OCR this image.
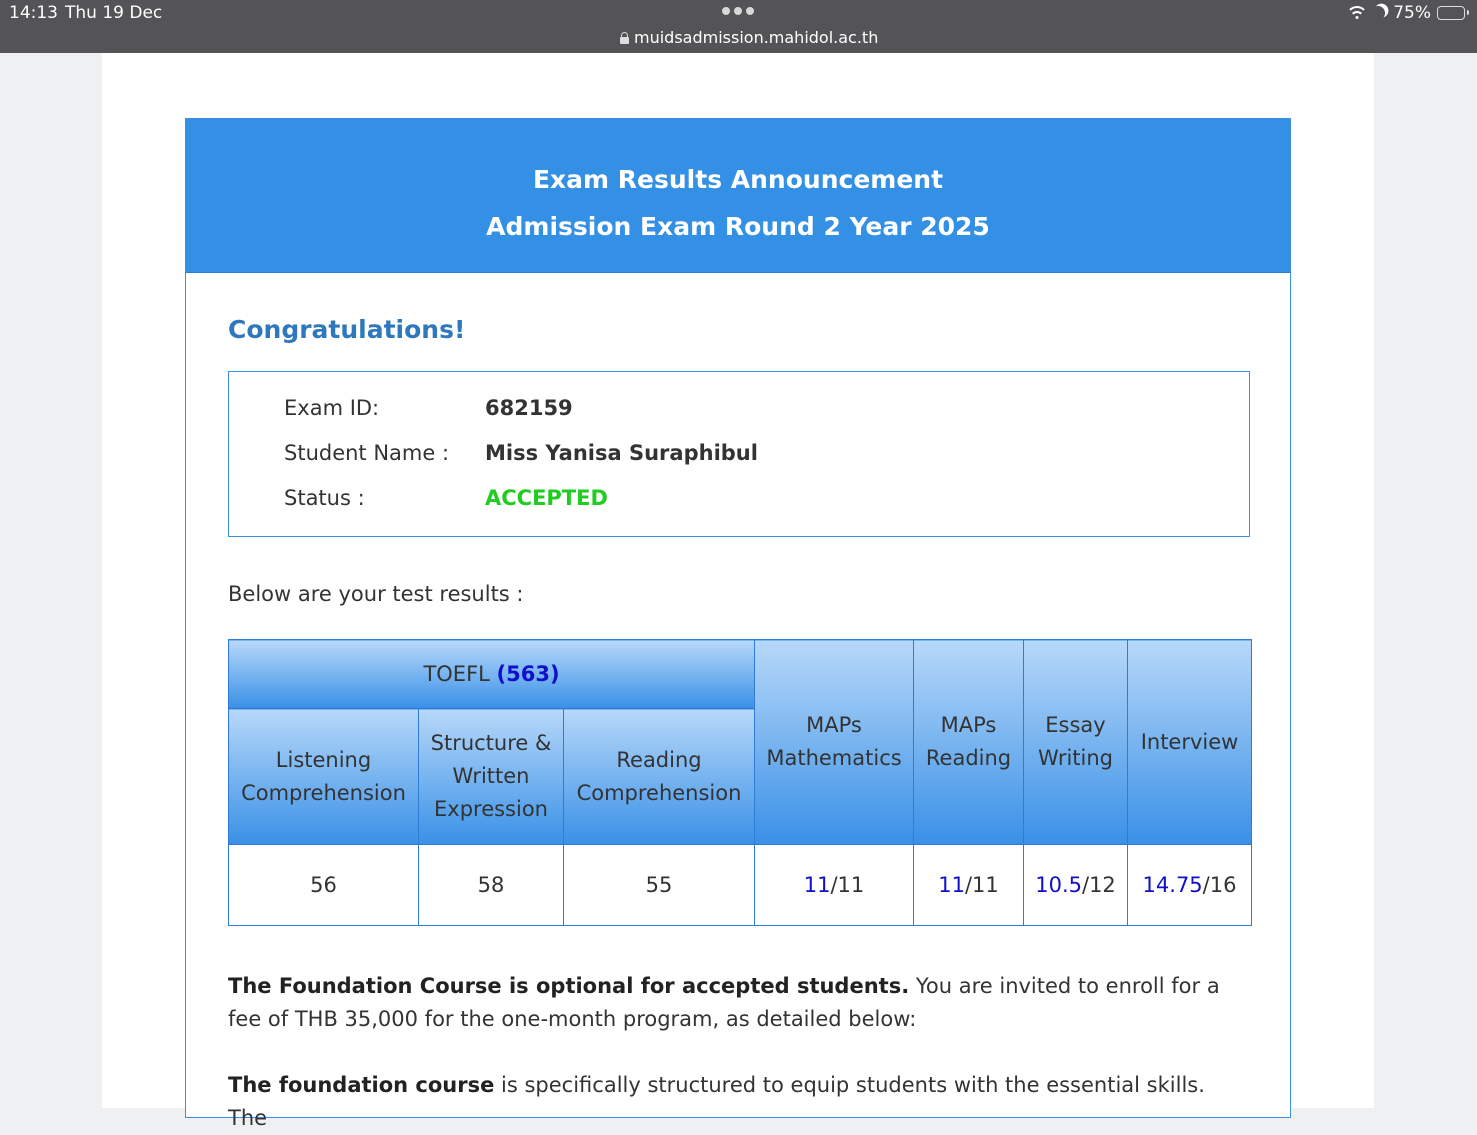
14:13 Thu 19 Dec
muidsadmission.mahidol.ac.th
75%
Exam Results Announcement
Admission Exam Round 2 Year 2025
Congratulations!
Exam ID:	682159
Student Name :	Miss Yanisa Suraphibul
Status :	ACCEPTED
Below are your test results :
TOEFL (563)			MAPs Mathematics	MAPs Reading	Essay Writing	Interview

Listening Comprehension	Structure & Written Expression	Reading Comprehension				

56	58	55	11/11	11/11	10.5/12	14.75/16
The Foundation Course is optional for accepted students. You are invited to enroll for a fee of THB 35,000 for the one-month program, as detailed below:
The foundation course is specifically structured to equip students with the essential skills. The
